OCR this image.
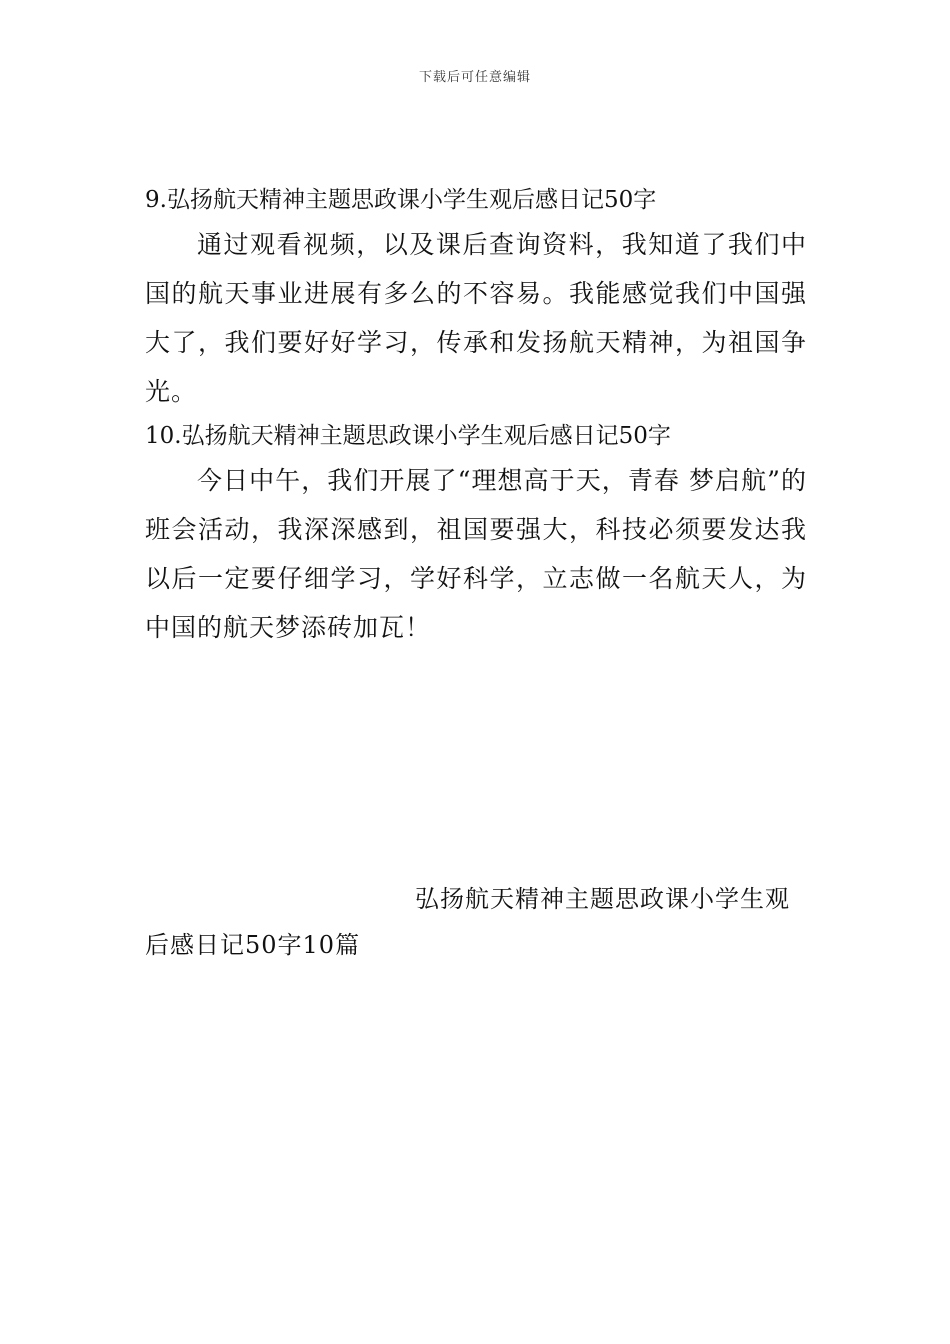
下载后可任意编辑

9.弘扬航天精神主题思政课小学生观后感日记50字

通过观看视频，以及课后查询资料，我知道了我们中国的航天事业进展有多么的不容易。我能感觉我们中国强大了，我们要好好学习，传承和发扬航天精神，为祖国争光。

10.弘扬航天精神主题思政课小学生观后感日记50字

今日中午，我们开展了“理想高于天，青春 梦启航”的班会活动，我深深感到，祖国要强大，科技必须要发达我以后一定要仔细学习，学好科学，立志做一名航天人，为中国的航天梦添砖加瓦！

弘扬航天精神主题思政课小学生观后感日记50字10篇
